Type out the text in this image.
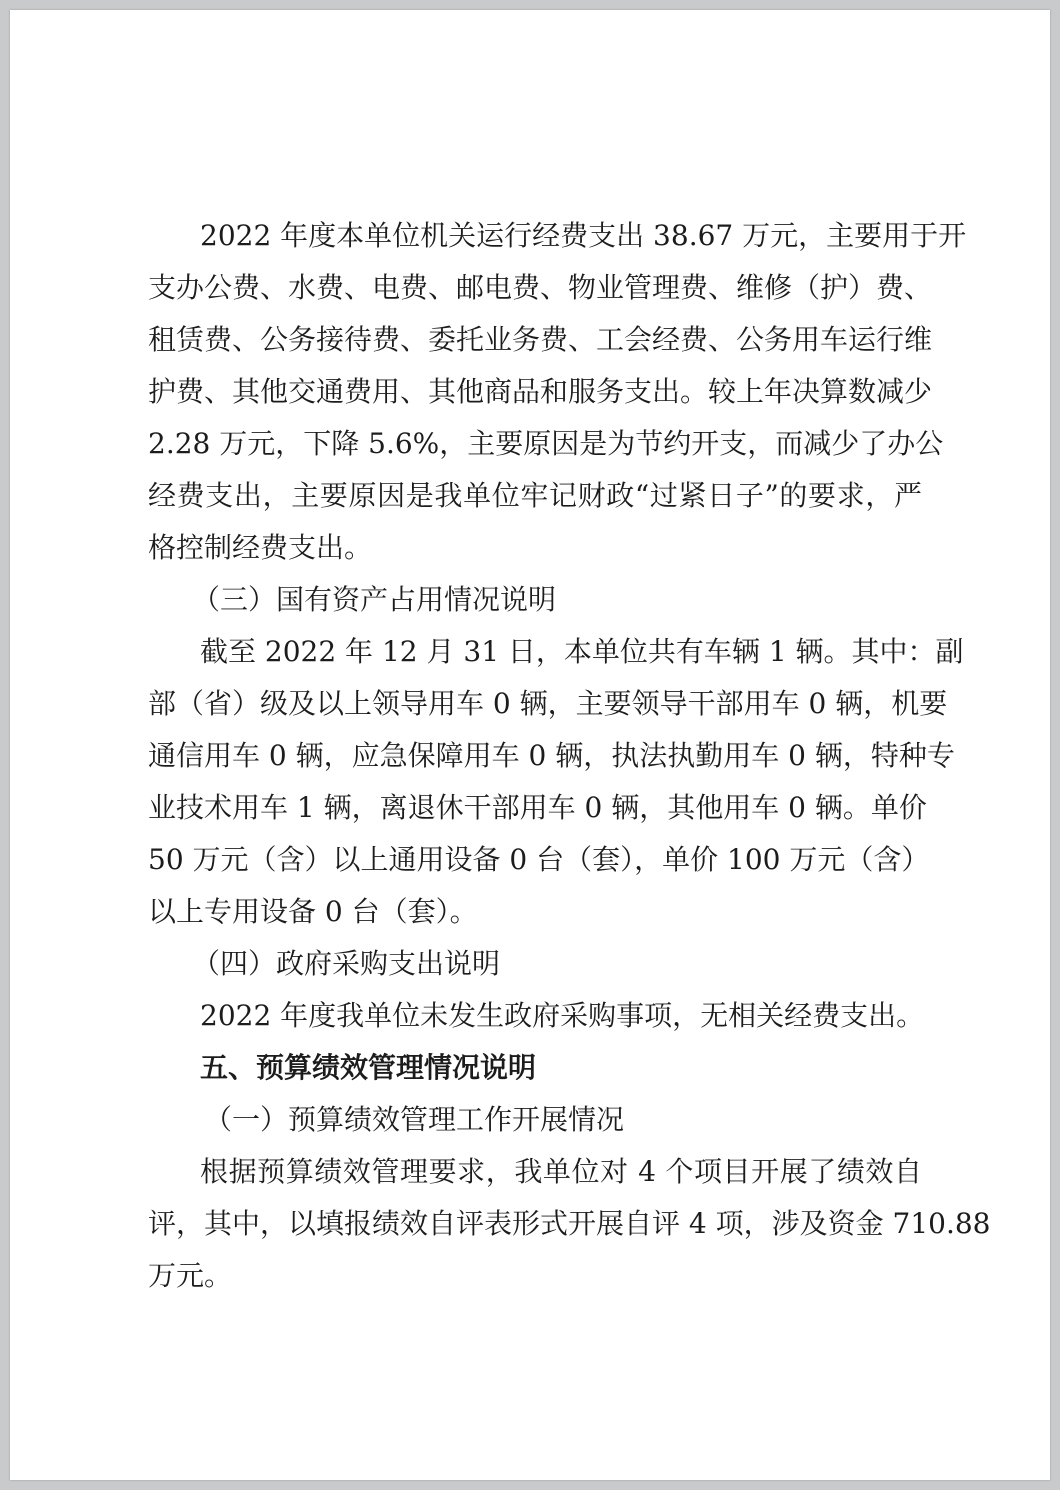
2022 年度本单位机关运行经费支出 38.67 万元，主要用于开
支办公费、水费、电费、邮电费、物业管理费、维修（护）费、
租赁费、公务接待费、委托业务费、工会经费、公务用车运行维
护费、其他交通费用、其他商品和服务支出。较上年决算数减少
2.28 万元，下降 5.6%，主要原因是为节约开支，而减少了办公
经费支出，主要原因是我单位牢记财政“过紧日子”的要求，严
格控制经费支出。
（三）国有资产占用情况说明
截至 2022 年 12 月 31 日，本单位共有车辆 1 辆。其中：副
部（省）级及以上领导用车 0 辆，主要领导干部用车 0 辆，机要
通信用车 0 辆，应急保障用车 0 辆，执法执勤用车 0 辆，特种专
业技术用车 1 辆，离退休干部用车 0 辆，其他用车 0 辆。单价
50 万元（含）以上通用设备 0 台（套），单价 100 万元（含）
以上专用设备 0 台（套）。
（四）政府采购支出说明
2022 年度我单位未发生政府采购事项，无相关经费支出。
五、预算绩效管理情况说明
（一）预算绩效管理工作开展情况
根据预算绩效管理要求，我单位对 4 个项目开展了绩效自
评，其中，以填报绩效自评表形式开展自评 4 项，涉及资金 710.88
万元。
